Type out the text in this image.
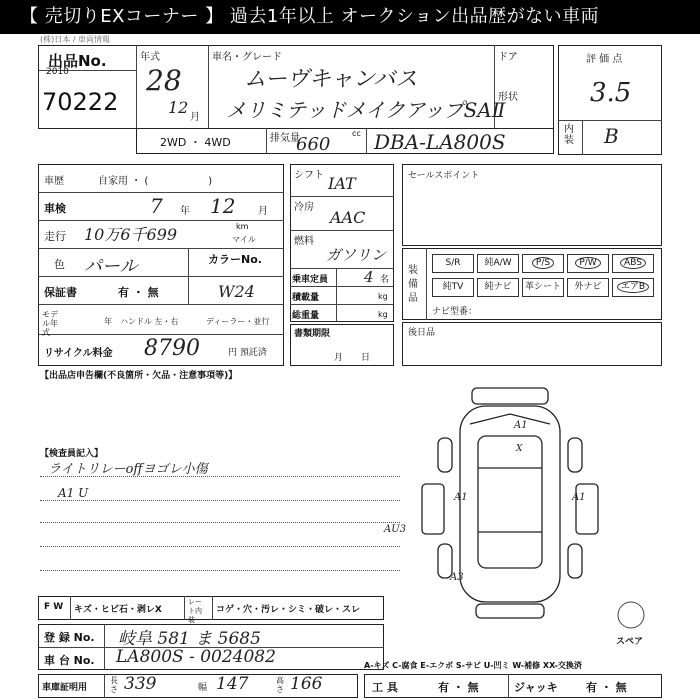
【 売切りEXコーナー 】 過去1年以上 オークション出品歴がない車両
(株)日本 / 車両情報
出品No.
2010
70222
年式
28
12
月
車名・グレード
ムーヴキャンバス
メリミテッドメイクアップSAⅡ
ドア
形状
2WD ・ 4WD	排気量
660
cc DBA-LA800S
評 価 点
3.5
内装 B
車歴	自家用 ・ (　　　　　　)
車検	7 年 12 月
走行 10万6千699	km
マイル
色 パール	カラーNo.
W24
保証書	有 ・ 無
モデル年式
年 ハンドル 左・右	ディーラー・並行
リサイクル料金 8790	円 預託済
シフト IAT
冷房
AAC
燃料
ガソリン
乗車定員 4 名
積載量	kg
総重量	kg
書類期限
月　　日
セールスポイント
装備品
S/R	純A/W	P/S	P/W	ABS
純TV	純ナビ	革シート	外ナビ	エアB
ナビ型番：
後日品
【出品店申告欄(不良箇所・欠品・注意事項等)】
【検査員記入】
ライトリレーoffヨゴレ小傷
A1 U
A1
X
A1	A1
AU3
A3
スペア
F W キズ・ヒビ石・剥レX
レート内装
コゲ・穴・汚レ・シミ・破レ・スレ
登 録 No. 岐阜 581 ま 5685
車 台 No. LA800S - 0024082
車庫証明用
長さ 339	幅 147	高さ 166
A-キズ C-腐食 E-エクボ S-サビ U-凹ミ W-補修 XX-交換済
工 具	有 ・ 無	ジャッキ	有 ・ 無
